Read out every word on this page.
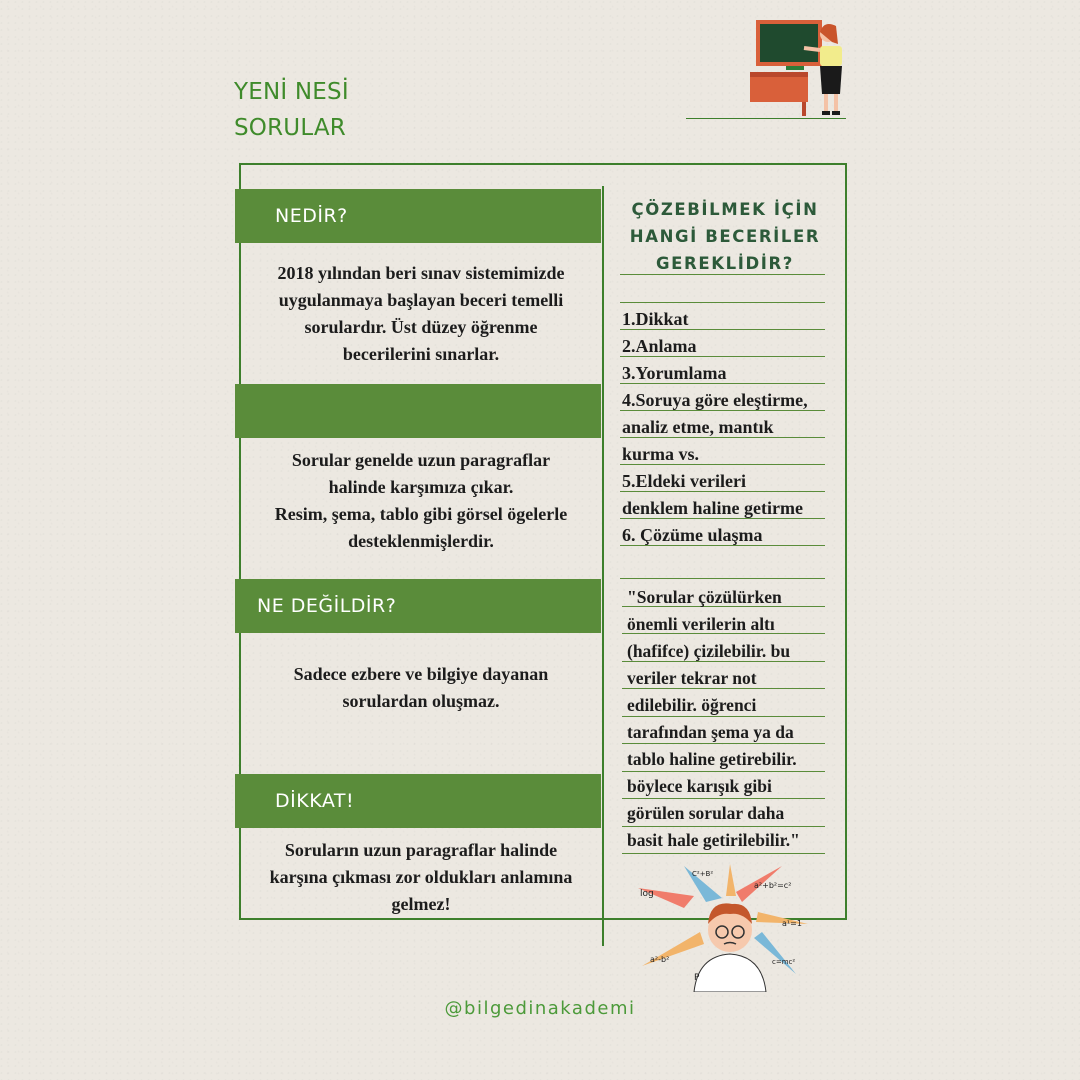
YENİ NESİ
SORULAR
NEDİR?
NE DEĞİLDİR?
DİKKAT!
2018 yılından beri sınav sistemimizde
uygulanmaya başlayan beceri temelli
sorulardır. Üst düzey öğrenme
becerilerini sınarlar.
Sorular genelde uzun paragraflar
halinde karşımıza çıkar.
Resim, şema, tablo gibi görsel ögelerle
desteklenmişlerdir.
Sadece ezbere ve bilgiye dayanan
sorulardan oluşmaz.
Soruların uzun paragraflar halinde
karşına çıkması zor oldukları anlamına
gelmez!
ÇÖZEBİLMEK İÇİN
HANGİ BECERİLER
GEREKLİDİR?
1.Dikkat
2.Anlama
3.Yorumlama
4.Soruya göre eleştirme,
analiz etme, mantık
kurma vs.
5.Eldeki verileri
denklem haline getirme
6. Çözüme ulaşma
"Sorular çözülürken
önemli verilerin altı
(hafifce) çizilebilir. bu
veriler tekrar not
edilebilir. öğrenci
tarafından şema ya da
tablo haline getirebilir.
böylece karışık gibi
görülen sorular daha
basit hale getirilebilir."
log
C²+B²
a²+b²=c²
a¹=1
c=mc²
a²-b²
P
@bilgedinakademi
